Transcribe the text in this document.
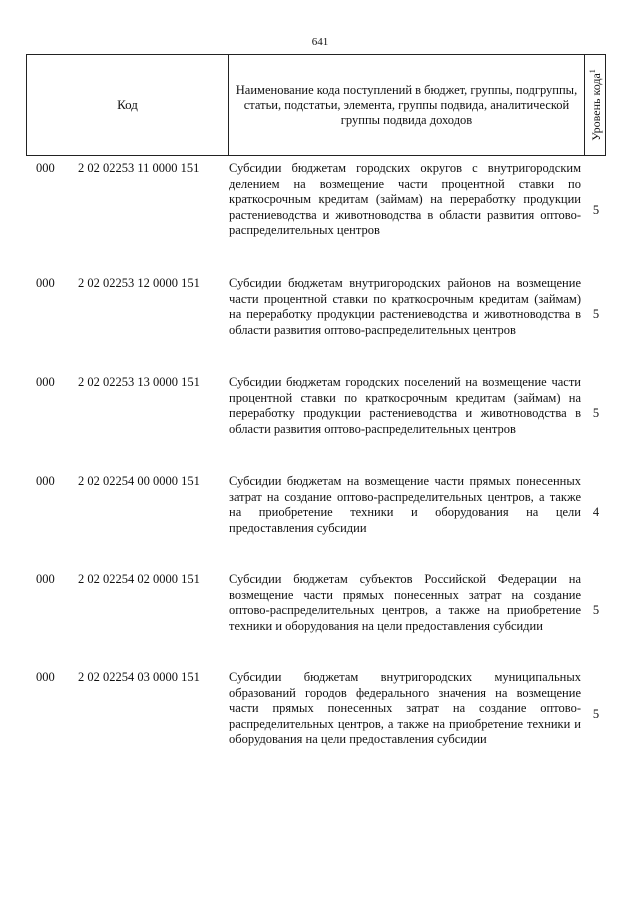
641
Код
Наименование кода поступлений в бюджет, группы, подгруппы, статьи, подстатьи, элемента, группы подвида, аналитической группы подвида доходов	Уровень кода$^1$
000 2 02 02253 11 0000 151 Субсидии бюджетам городских округов с внутригородским делением на возмещение части процентной ставки по краткосрочным кредитам (займам) на переработку продукции растениеводства и животноводства в области развития оптово-распределительных центров
5
000 2 02 02253 12 0000 151 Субсидии бюджетам внутригородских районов на возмещение части процентной ставки по краткосрочным кредитам (займам) на переработку продукции растениеводства и животноводства в области развития оптово-распределительных центров
5
000 2 02 02253 13 0000 151 Субсидии бюджетам городских поселений на возмещение части процентной ставки по краткосрочным кредитам (займам) на переработку продукции растениеводства и животноводства в области развития оптово-распределительных центров
5
000 2 02 02254 00 0000 151 Субсидии бюджетам на возмещение части прямых понесенных затрат на создание оптово-распределительных центров, а также на приобретение техники и оборудования на цели предоставления субсидии
4
000 2 02 02254 02 0000 151 Субсидии бюджетам субъектов Российской Федерации на возмещение части прямых понесенных затрат на создание оптово-распределительных центров, а также на приобретение техники и оборудования на цели предоставления субсидии
5
000 2 02 02254 03 0000 151 Субсидии бюджетам внутригородских муниципальных образований городов федерального значения на возмещение части прямых понесенных затрат на создание оптово-распределительных центров, а также на приобретение техники и оборудования на цели предоставления субсидии
5
